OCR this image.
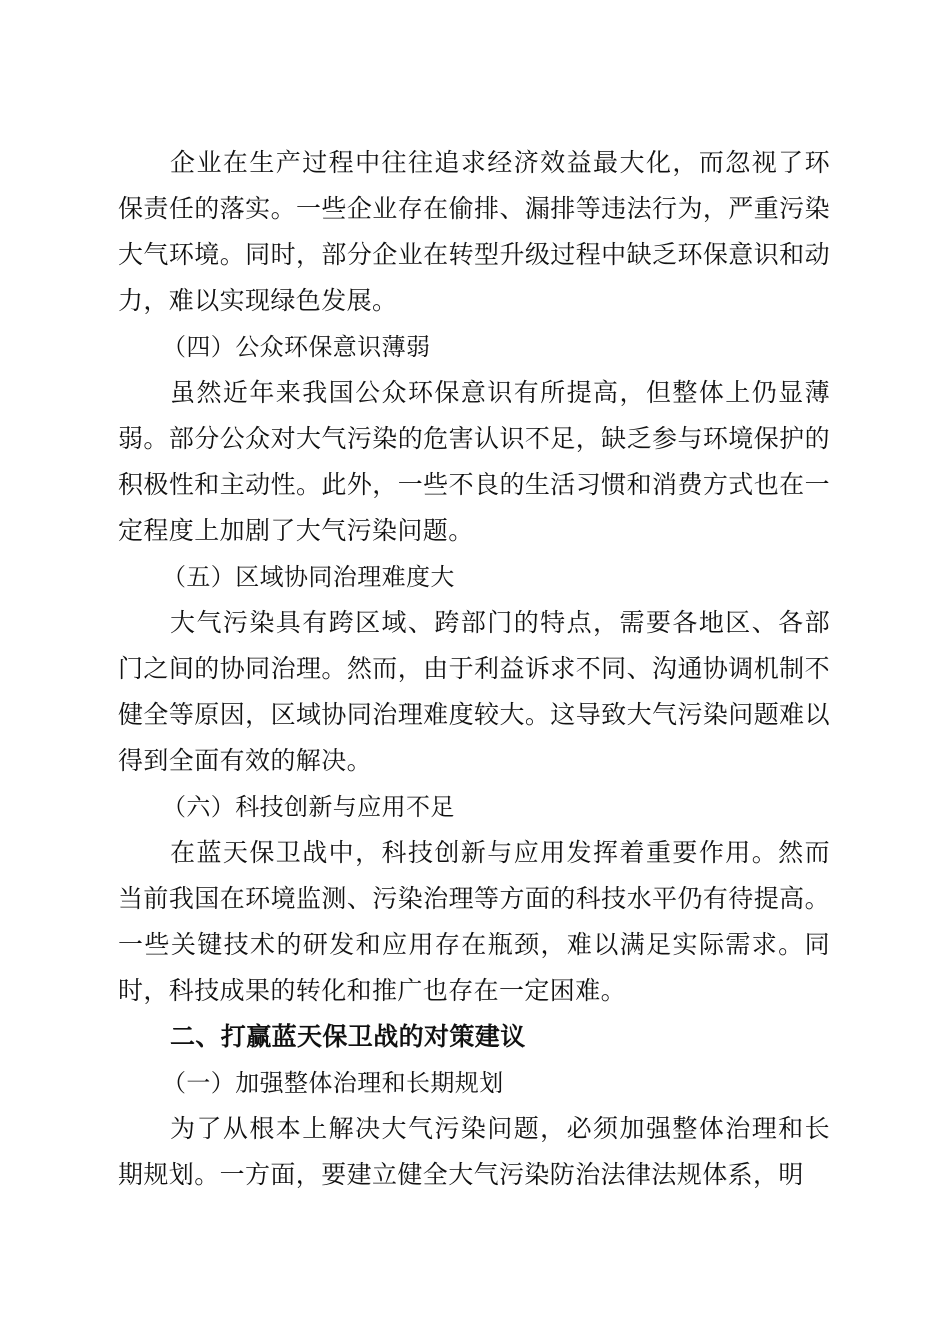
企业在生产过程中往往追求经济效益最大化，而忽视了环保责任的落实。一些企业存在偷排、漏排等违法行为，严重污染大气环境。同时，部分企业在转型升级过程中缺乏环保意识和动力，难以实现绿色发展。

（四）公众环保意识薄弱

虽然近年来我国公众环保意识有所提高，但整体上仍显薄弱。部分公众对大气污染的危害认识不足，缺乏参与环境保护的积极性和主动性。此外，一些不良的生活习惯和消费方式也在一定程度上加剧了大气污染问题。

（五）区域协同治理难度大

大气污染具有跨区域、跨部门的特点，需要各地区、各部门之间的协同治理。然而，由于利益诉求不同、沟通协调机制不健全等原因，区域协同治理难度较大。这导致大气污染问题难以得到全面有效的解决。

（六）科技创新与应用不足

在蓝天保卫战中，科技创新与应用发挥着重要作用。然而当前我国在环境监测、污染治理等方面的科技水平仍有待提高。一些关键技术的研发和应用存在瓶颈，难以满足实际需求。同时，科技成果的转化和推广也存在一定困难。

二、打赢蓝天保卫战的对策建议

（一）加强整体治理和长期规划

为了从根本上解决大气污染问题，必须加强整体治理和长期规划。一方面，要建立健全大气污染防治法律法规体系，明
